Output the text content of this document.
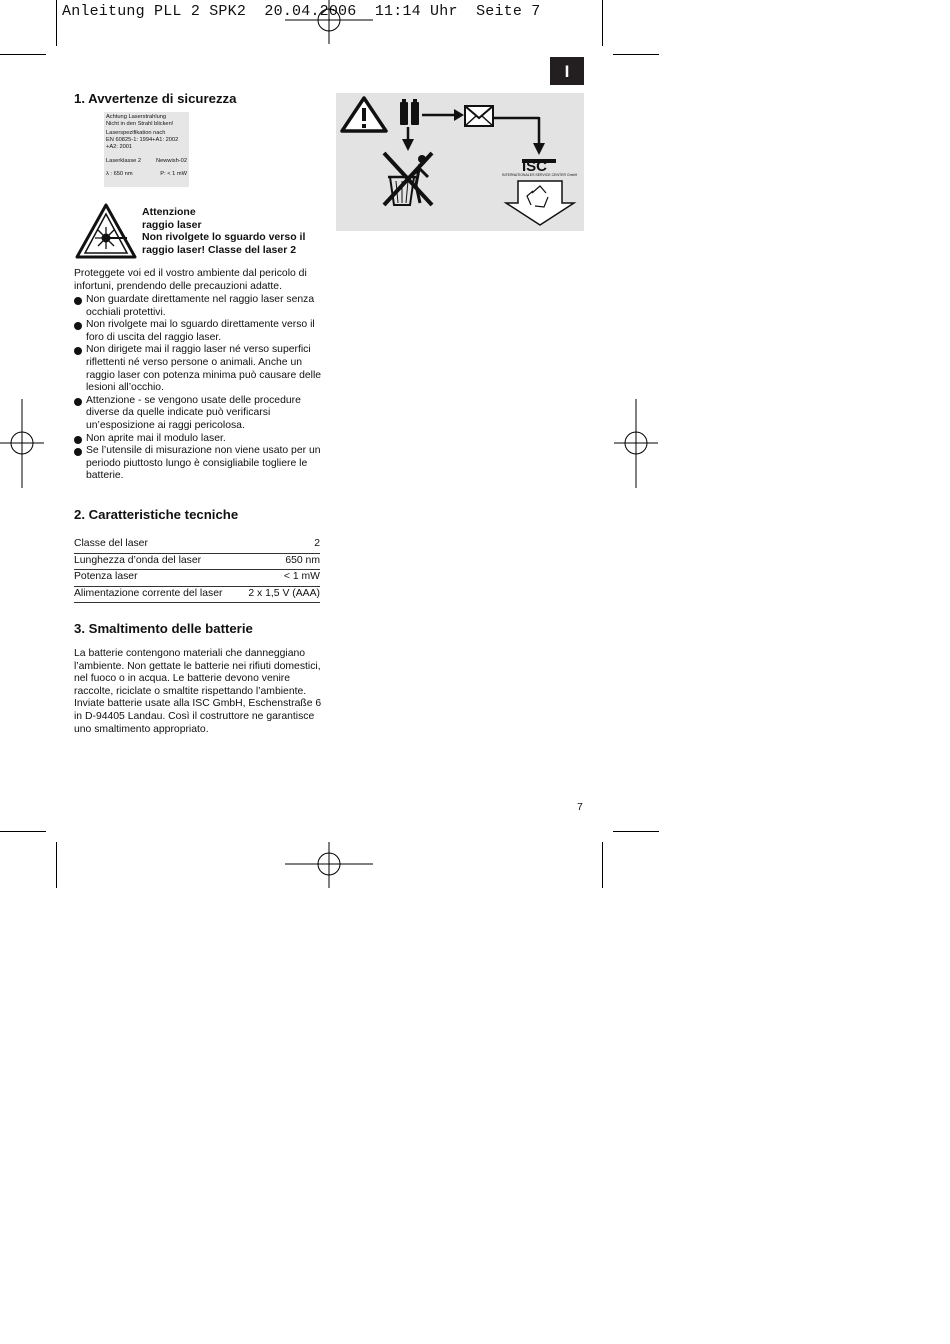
Anleitung PLL 2 SPK2  20.04.2006  11:14 Uhr  Seite 7
I
1. Avvertenze di sicurezza
Achtung Laserstrahlung
Nicht in den Strahl blicken!
Laserspezifikation nach
EN 60825-1: 1994+A1: 2002
+A2: 2001
Laserklasse 2	Newwish-02
λ : 650 nm	P: < 1 mW
Attenzione
raggio laser
Non rivolgete lo sguardo verso il
raggio laser! Classe del laser 2
Proteggete voi ed il vostro ambiente dal pericolo di infortuni, prendendo delle precauzioni adatte.
Non guardate direttamente nel raggio laser senza occhiali protettivi.
Non rivolgete mai lo sguardo direttamente verso il foro di uscita del raggio laser.
Non dirigete mai il raggio laser né verso superfici riflettenti né verso persone o animali. Anche un raggio laser con potenza minima può causare delle lesioni all’occhio.
Attenzione - se vengono usate delle procedure diverse da quelle indicate può verificarsi un’esposizione ai raggi pericolosa.
Non aprite mai il modulo laser.
Se l’utensile di misurazione non viene usato per un periodo piuttosto lungo è consigliabile togliere le batterie.
2. Caratteristiche tecniche
Classe del laser	2
Lunghezza d’onda del laser	650 nm
Potenza laser	< 1 mW
Alimentazione corrente del laser 2 x 1,5 V (AAA)
3. Smaltimento delle batterie
La batterie contengono materiali che danneggiano l’ambiente. Non gettate le batterie nei rifiuti domestici, nel fuoco o in acqua. Le batterie devono venire raccolte, riciclate o smaltite rispettando l’ambiente. Inviate batterie usate alla ISC GmbH, Eschenstraße 6 in D-94405 Landau. Così il costruttore ne garantisce uno smaltimento appropriato.
ISC
INTERNATIONALES SERVICE CENTER GmbH
7
